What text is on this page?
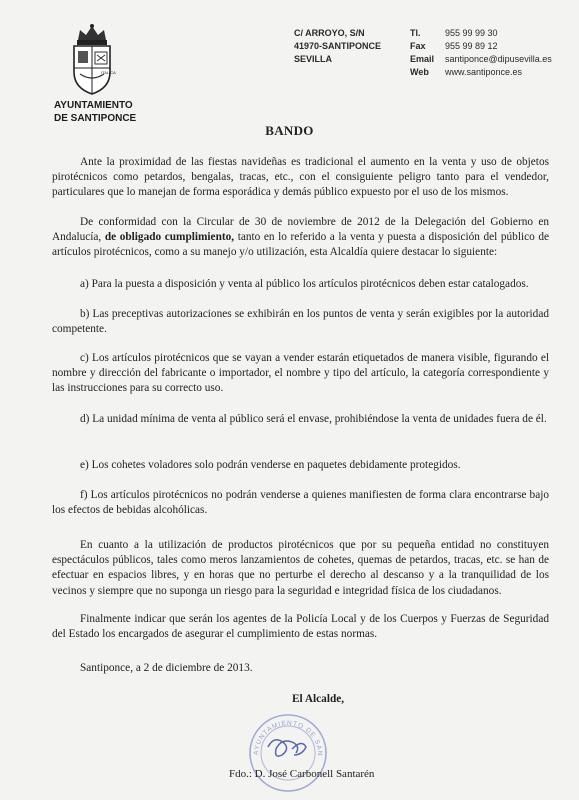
ITALICA
AYUNTAMIENTO
DE SANTIPONCE
C/ ARROYO, S/N
41970-SANTIPONCE
SEVILLA
Tl.	955 99 99 30
Fax	955 99 89 12
Email	santiponce@dipusevilla.es
Web	www.santiponce.es
BANDO
Ante la proximidad de las fiestas navideñas es tradicional el aumento en la venta y uso de objetos pirotécnicos como petardos, bengalas, tracas, etc., con el consiguiente peligro tanto para el vendedor, particulares que lo manejan de forma esporádica y demás público expuesto por el uso de los mismos.
De conformidad con la Circular de 30 de noviembre de 2012 de la Delegación del Gobierno en Andalucía, de obligado cumplimiento, tanto en lo referido a la venta y puesta a disposición del público de artículos pirotécnicos, como a su manejo y/o utilización, esta Alcaldía quiere destacar lo siguiente:
a) Para la puesta a disposición y venta al público los artículos pirotécnicos deben estar catalogados.
b) Las preceptivas autorizaciones se exhibirán en los puntos de venta y serán exigibles por la autoridad competente.
c) Los artículos pirotécnicos que se vayan a vender estarán etiquetados de manera visible, figurando el nombre y dirección del fabricante o importador, el nombre y tipo del artículo, la categoría correspondiente y las instrucciones para su correcto uso.
d) La unidad mínima de venta al público será el envase, prohibiéndose la venta de unidades fuera de él.
e) Los cohetes voladores solo podrán venderse en paquetes debidamente protegidos.
f) Los artículos pirotécnicos no podrán venderse a quienes manifiesten de forma clara encontrarse bajo los efectos de bebidas alcohólicas.
En cuanto a la utilización de productos pirotécnicos que por su pequeña entidad no constituyen espectáculos públicos, tales como meros lanzamientos de cohetes, quemas de petardos, tracas, etc. se han de efectuar en espacios libres, y en horas que no perturbe el derecho al descanso y a la tranquilidad de los vecinos y siempre que no suponga un riesgo para la seguridad e integridad física de los ciudadanos.
Finalmente indicar que serán los agentes de la Policía Local y de los Cuerpos y Fuerzas de Seguridad del Estado los encargados de asegurar el cumplimiento de estas normas.
Santiponce, a 2 de diciembre de 2013.
AYUNTAMIENTO DE SAN
El Alcalde,
Fdo.: D. José Carbonell Santarén
